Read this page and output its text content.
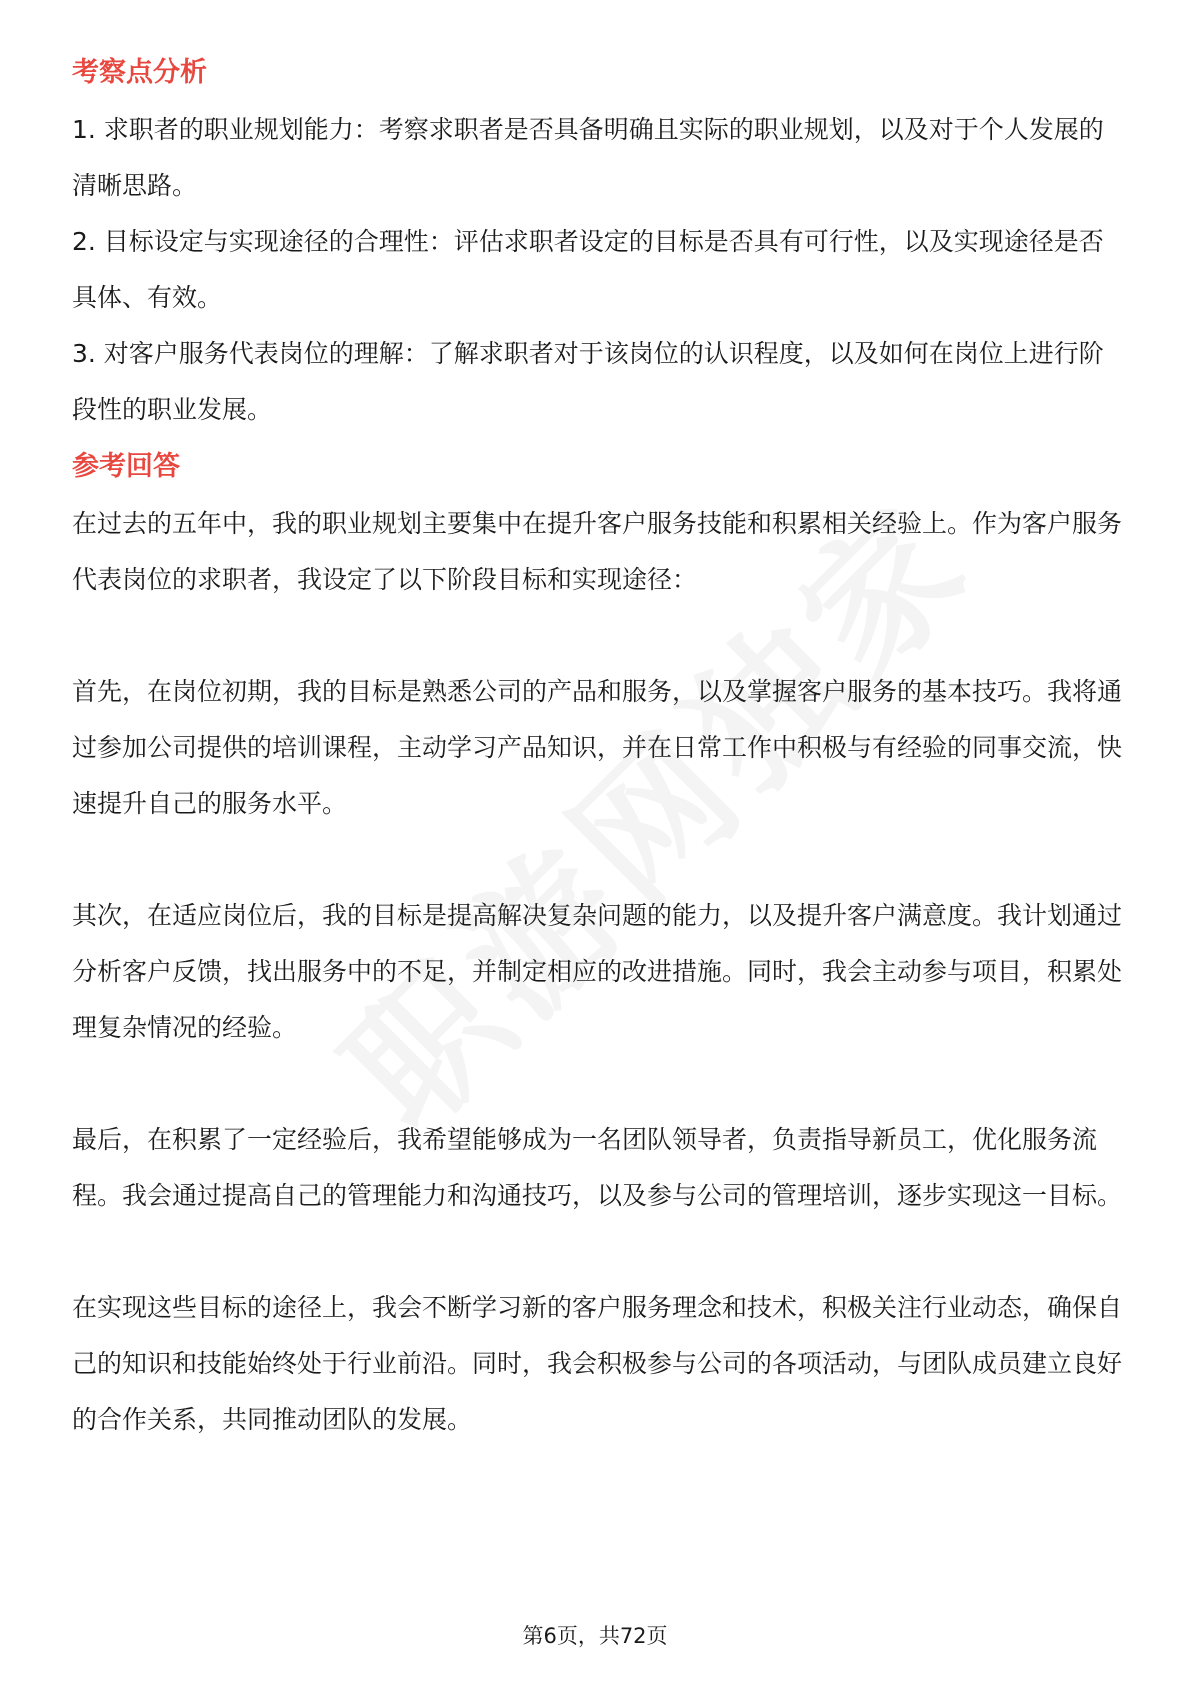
考察点分析

1. 求职者的职业规划能力：考察求职者是否具备明确且实际的职业规划，以及对于个人发展的清晰思路。

2. 目标设定与实现途径的合理性：评估求职者设定的目标是否具有可行性，以及实现途径是否具体、有效。

3. 对客户服务代表岗位的理解：了解求职者对于该岗位的认识程度，以及如何在岗位上进行阶段性的职业发展。

参考回答

在过去的五年中，我的职业规划主要集中在提升客户服务技能和积累相关经验上。作为客户服务代表岗位的求职者，我设定了以下阶段目标和实现途径：

首先，在岗位初期，我的目标是熟悉公司的产品和服务，以及掌握客户服务的基本技巧。我将通过参加公司提供的培训课程，主动学习产品知识，并在日常工作中积极与有经验的同事交流，快速提升自己的服务水平。

其次，在适应岗位后，我的目标是提高解决复杂问题的能力，以及提升客户满意度。我计划通过分析客户反馈，找出服务中的不足，并制定相应的改进措施。同时，我会主动参与项目，积累处理复杂情况的经验。

最后，在积累了一定经验后，我希望能够成为一名团队领导者，负责指导新员工，优化服务流程。我会通过提高自己的管理能力和沟通技巧，以及参与公司的管理培训，逐步实现这一目标。

在实现这些目标的途径上，我会不断学习新的客户服务理念和技术，积极关注行业动态，确保自己的知识和技能始终处于行业前沿。同时，我会积极参与公司的各项活动，与团队成员建立良好的合作关系，共同推动团队的发展。

第6页，共72页
